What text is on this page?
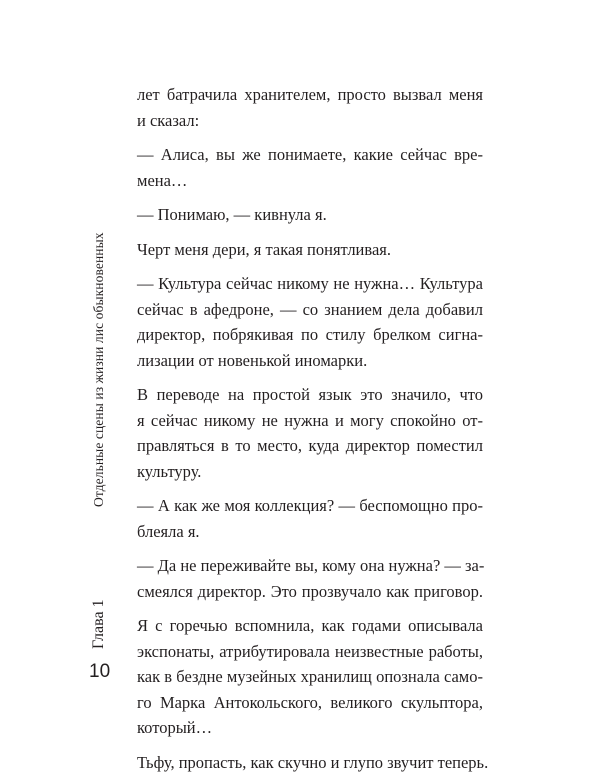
Отдельные сцены из жизни лис обыкновенных
Глава 1
10
лет батрачила хранителем, просто вызвал меня
и сказал:
— Алиса, вы же понимаете, какие сейчас вре-
мена…
— Понимаю, — кивнула я.
Черт меня дери, я такая понятливая.
— Культура сейчас никому не нужна… Культура
сейчас в афедроне, — со знанием дела добавил
директор, побрякивая по стилу брелком сигна-
лизации от новенькой иномарки.
В переводе на простой язык это значило, что
я сейчас никому не нужна и могу спокойно от-
правляться в то место, куда директор поместил
культуру.
— А как же моя коллекция? — беспомощно про-
блеяла я.
— Да не переживайте вы, кому она нужна? — за-
смеялся директор. Это прозвучало как приговор.
Я с горечью вспомнила, как годами описывала
экспонаты, атрибутировала неизвестные работы,
как в бездне музейных хранилищ опознала само-
го Марка Антокольского, великого скульптора,
который…
Тьфу, пропасть, как скучно и глупо звучит теперь.
